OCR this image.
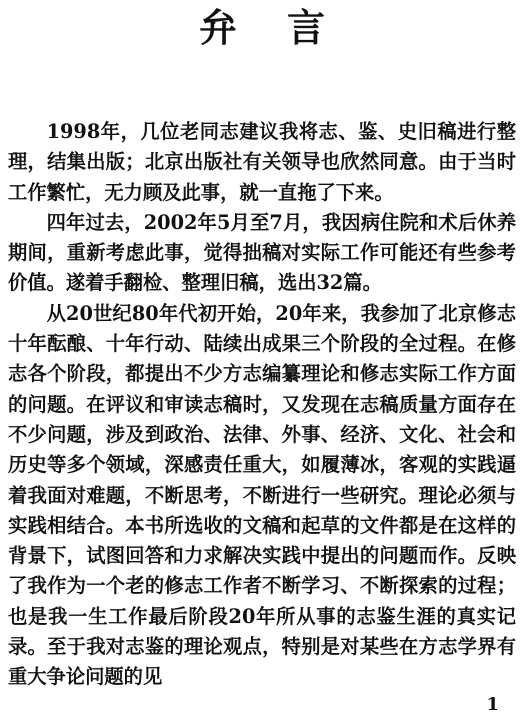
弁言

1998年，几位老同志建议我将志、鉴、史旧稿进行整理，结集出版；北京出版社有关领导也欣然同意。由于当时工作繁忙，无力顾及此事，就一直拖了下来。

四年过去，2002年5月至7月，我因病住院和术后休养期间，重新考虑此事，觉得拙稿对实际工作可能还有些参考价值。遂着手翻检、整理旧稿，选出32篇。

从20世纪80年代初开始，20年来，我参加了北京修志十年酝酿、十年行动、陆续出成果三个阶段的全过程。在修志各个阶段，都提出不少方志编纂理论和修志实际工作方面的问题。在评议和审读志稿时，又发现在志稿质量方面存在不少问题，涉及到政治、法律、外事、经济、文化、社会和历史等多个领域，深感责任重大，如履薄冰，客观的实践逼着我面对难题，不断思考，不断进行一些研究。理论必须与实践相结合。本书所选收的文稿和起草的文件都是在这样的背景下，试图回答和力求解决实践中提出的问题而作。反映了我作为一个老的修志工作者不断学习、不断探索的过程；也是我一生工作最后阶段20年所从事的志鉴生涯的真实记录。至于我对志鉴的理论观点，特别是对某些在方志学界有重大争论问题的见

1
